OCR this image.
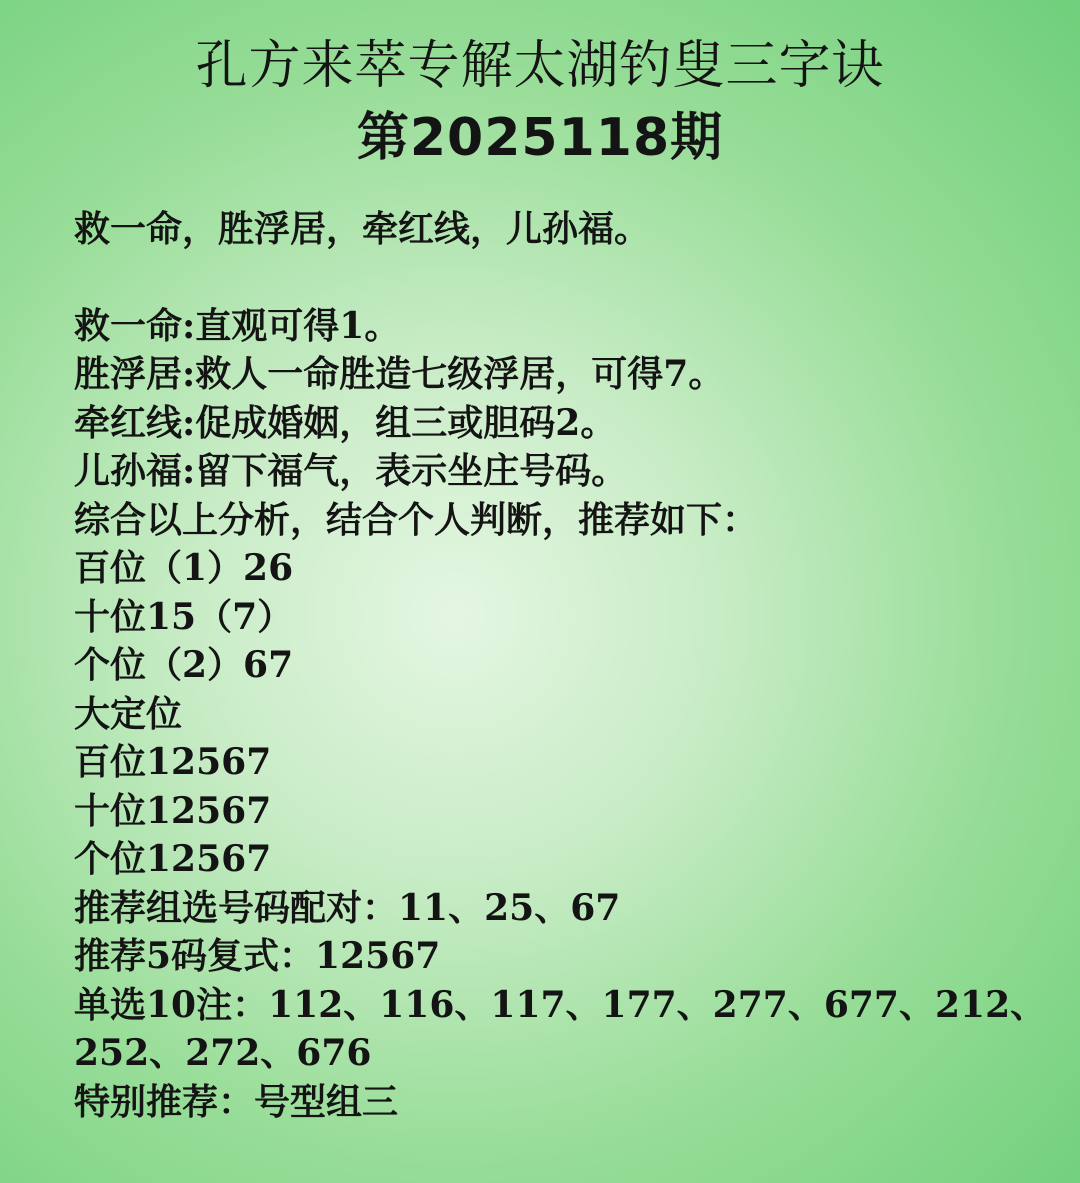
孔方来萃专解太湖钓叟三字诀
第2025118期
救一命，胜浮居，牵红线，儿孙福。
救一命:直观可得1。
胜浮居:救人一命胜造七级浮居，可得7。
牵红线:促成婚姻，组三或胆码2。
儿孙福:留下福气，表示坐庄号码。
综合以上分析，结合个人判断，推荐如下：
百位（1）26
十位15（7）
个位（2）67
大定位
百位12567
十位12567
个位12567
推荐组选号码配对：11、25、67
推荐5码复式：12567
单选10注：112、116、117、177、277、677、212、
252、272、676
特别推荐：号型组三
